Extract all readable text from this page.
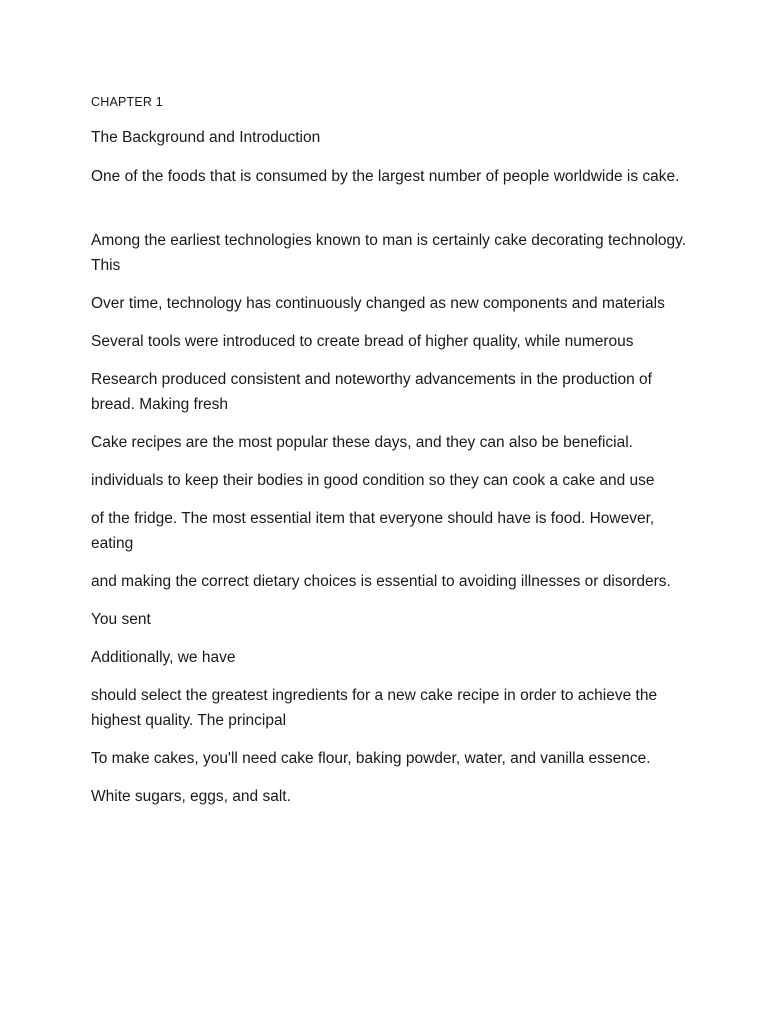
CHAPTER 1

The Background and Introduction

One of the foods that is consumed by the largest number of people worldwide is cake.

Among the earliest technologies known to man is certainly cake decorating technology. This

Over time, technology has continuously changed as new components and materials

Several tools were introduced to create bread of higher quality, while numerous

Research produced consistent and noteworthy advancements in the production of bread. Making fresh

Cake recipes are the most popular these days, and they can also be beneficial.

individuals to keep their bodies in good condition so they can cook a cake and use

of the fridge. The most essential item that everyone should have is food. However, eating

and making the correct dietary choices is essential to avoiding illnesses or disorders.

You sent

Additionally, we have

should select the greatest ingredients for a new cake recipe in order to achieve the highest quality. The principal

To make cakes, you'll need cake flour, baking powder, water, and vanilla essence.

White sugars, eggs, and salt.
